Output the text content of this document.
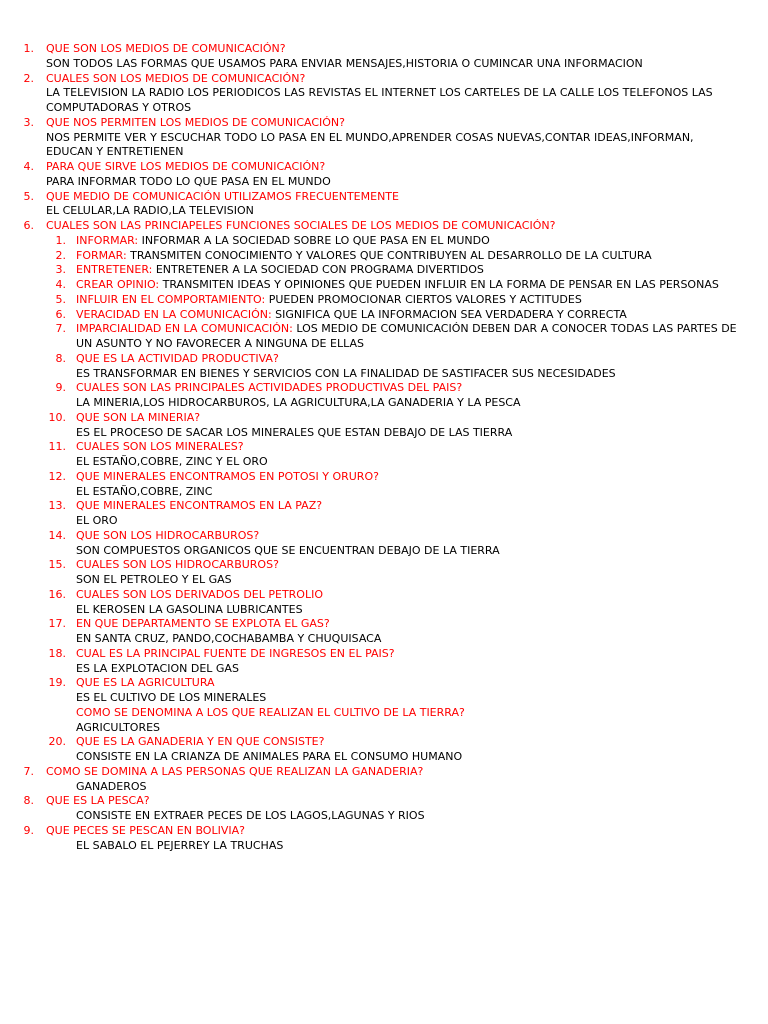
1. QUE SON LOS MEDIOS DE COMUNICACIÓN?
SON TODOS LAS FORMAS QUE USAMOS PARA ENVIAR MENSAJES,HISTORIA O CUMINCAR UNA INFORMACION
2. CUALES SON LOS MEDIOS DE COMUNICACIÓN?
LA TELEVISION LA RADIO LOS PERIODICOS LAS REVISTAS EL INTERNET LOS CARTELES DE LA CALLE LOS TELEFONOS LAS
COMPUTADORAS Y OTROS
3. QUE NOS PERMITEN LOS MEDIOS DE COMUNICACIÓN?
NOS PERMITE VER Y ESCUCHAR TODO LO PASA EN EL MUNDO,APRENDER COSAS NUEVAS,CONTAR IDEAS,INFORMAN,
EDUCAN Y ENTRETIENEN
4. PARA QUE SIRVE LOS MEDIOS DE COMUNICACIÓN?
PARA INFORMAR TODO LO QUE PASA EN EL MUNDO
5. QUE MEDIO DE COMUNICACIÓN UTILIZAMOS FRECUENTEMENTE
EL CELULAR,LA RADIO,LA TELEVISION
6. CUALES SON LAS PRINCIAPELES FUNCIONES SOCIALES DE LOS MEDIOS DE COMUNICACIÓN?
1. INFORMAR: INFORMAR A LA SOCIEDAD SOBRE LO QUE PASA EN EL MUNDO
2. FORMAR: TRANSMITEN CONOCIMIENTO Y VALORES QUE CONTRIBUYEN AL DESARROLLO DE LA CULTURA
3. ENTRETENER: ENTRETENER A LA SOCIEDAD CON PROGRAMA DIVERTIDOS
4. CREAR OPINIO: TRANSMITEN IDEAS Y OPINIONES QUE PUEDEN INFLUIR EN LA FORMA DE PENSAR EN LAS PERSONAS
5. INFLUIR EN EL COMPORTAMIENTO: PUEDEN PROMOCIONAR CIERTOS VALORES Y ACTITUDES
6. VERACIDAD EN LA COMUNICACIÓN: SIGNIFICA QUE LA INFORMACION SEA VERDADERA Y CORRECTA
7. IMPARCIALIDAD EN LA COMUNICACIÓN: LOS MEDIO DE COMUNICACIÓN DEBEN DAR A CONOCER TODAS LAS PARTES DE
UN ASUNTO Y NO FAVORECER A NINGUNA DE ELLAS
8. QUE ES LA ACTIVIDAD PRODUCTIVA?
ES TRANSFORMAR EN BIENES Y SERVICIOS CON LA FINALIDAD DE SASTIFACER SUS NECESIDADES
9. CUALES SON LAS PRINCIPALES ACTIVIDADES PRODUCTIVAS DEL PAIS?
LA MINERIA,LOS HIDROCARBUROS, LA AGRICULTURA,LA GANADERIA Y LA PESCA
10. QUE SON LA MINERIA?
ES EL PROCESO DE SACAR LOS MINERALES QUE ESTAN DEBAJO DE LAS TIERRA
11. CUALES SON LOS MINERALES?
EL ESTAÑO,COBRE, ZINC Y EL ORO
12. QUE MINERALES ENCONTRAMOS EN POTOSI Y ORURO?
EL ESTAÑO,COBRE, ZINC
13. QUE MINERALES ENCONTRAMOS EN LA PAZ?
EL ORO
14. QUE SON LOS HIDROCARBUROS?
SON COMPUESTOS ORGANICOS QUE SE ENCUENTRAN DEBAJO DE LA TIERRA
15. CUALES SON LOS HIDROCARBUROS?
SON EL PETROLEO Y EL GAS
16. CUALES SON LOS DERIVADOS DEL PETROLIO
EL KEROSEN LA GASOLINA LUBRICANTES
17. EN QUE DEPARTAMENTO SE EXPLOTA EL GAS?
EN SANTA CRUZ, PANDO,COCHABAMBA Y CHUQUISACA
18. CUAL ES LA PRINCIPAL FUENTE DE INGRESOS EN EL PAIS?
ES LA EXPLOTACION DEL GAS
19. QUE ES LA AGRICULTURA
ES EL CULTIVO DE LOS MINERALES
COMO SE DENOMINA A LOS QUE REALIZAN EL CULTIVO DE LA TIERRA?
AGRICULTORES
20. QUE ES LA GANADERIA Y EN QUE CONSISTE?
CONSISTE EN LA CRIANZA DE ANIMALES PARA EL CONSUMO HUMANO
7. COMO SE DOMINA A LAS PERSONAS QUE REALIZAN LA GANADERIA?
GANADEROS
8. QUE ES LA PESCA?
CONSISTE EN EXTRAER PECES DE LOS LAGOS,LAGUNAS Y RIOS
9. QUE PECES SE PESCAN EN BOLIVIA?
EL SABALO EL PEJERREY LA TRUCHAS
